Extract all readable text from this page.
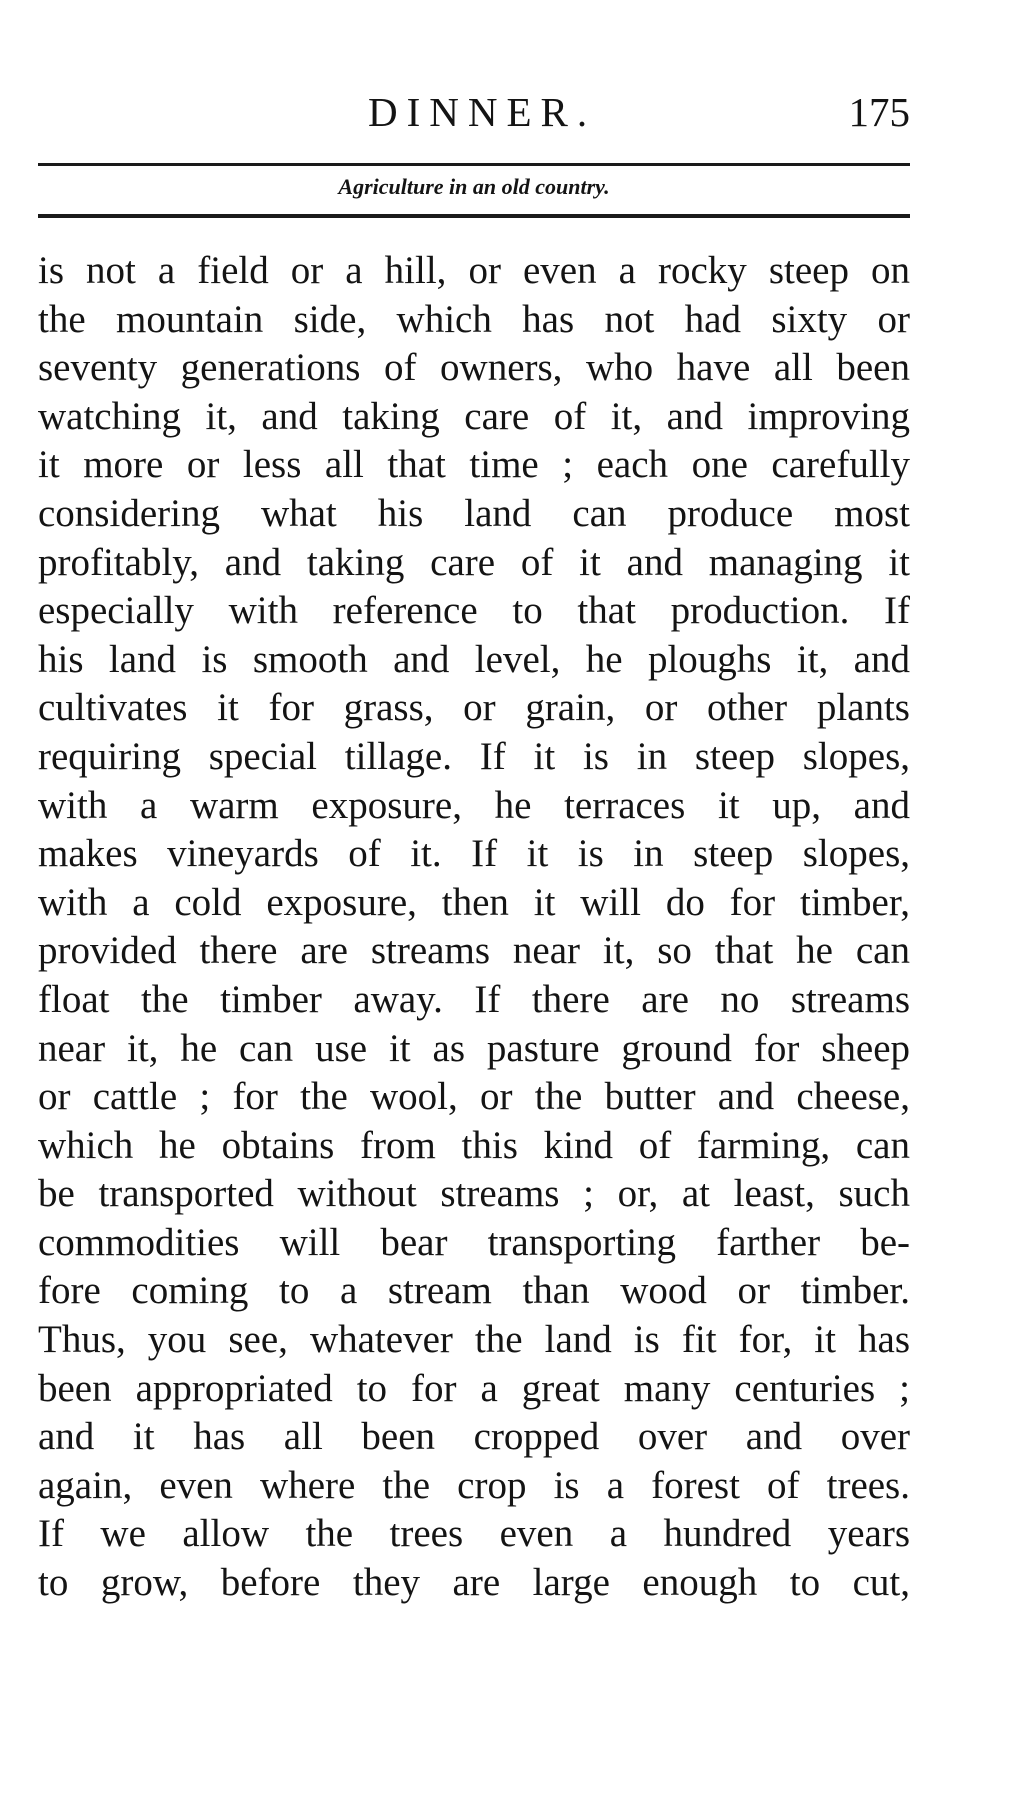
DINNER.	175
Agriculture in an old country.
is not a field or a hill, or even a rocky steep on
the mountain side, which has not had sixty or
seventy generations of owners, who have all been
watching it, and taking care of it, and improving
it more or less all that time ; each one carefully
considering what his land can produce most
profitably, and taking care of it and managing it
especially with reference to that production. If
his land is smooth and level, he ploughs it, and
cultivates it for grass, or grain, or other plants
requiring special tillage. If it is in steep slopes,
with a warm exposure, he terraces it up, and
makes vineyards of it. If it is in steep slopes,
with a cold exposure, then it will do for timber,
provided there are streams near it, so that he can
float the timber away. If there are no streams
near it, he can use it as pasture ground for sheep
or cattle ; for the wool, or the butter and cheese,
which he obtains from this kind of farming, can
be transported without streams ; or, at least, such
commodities will bear transporting farther be-
fore coming to a stream than wood or timber.
Thus, you see, whatever the land is fit for, it has
been appropriated to for a great many centuries ;
and it has all been cropped over and over
again, even where the crop is a forest of trees.
If we allow the trees even a hundred years
to grow, before they are large enough to cut,
